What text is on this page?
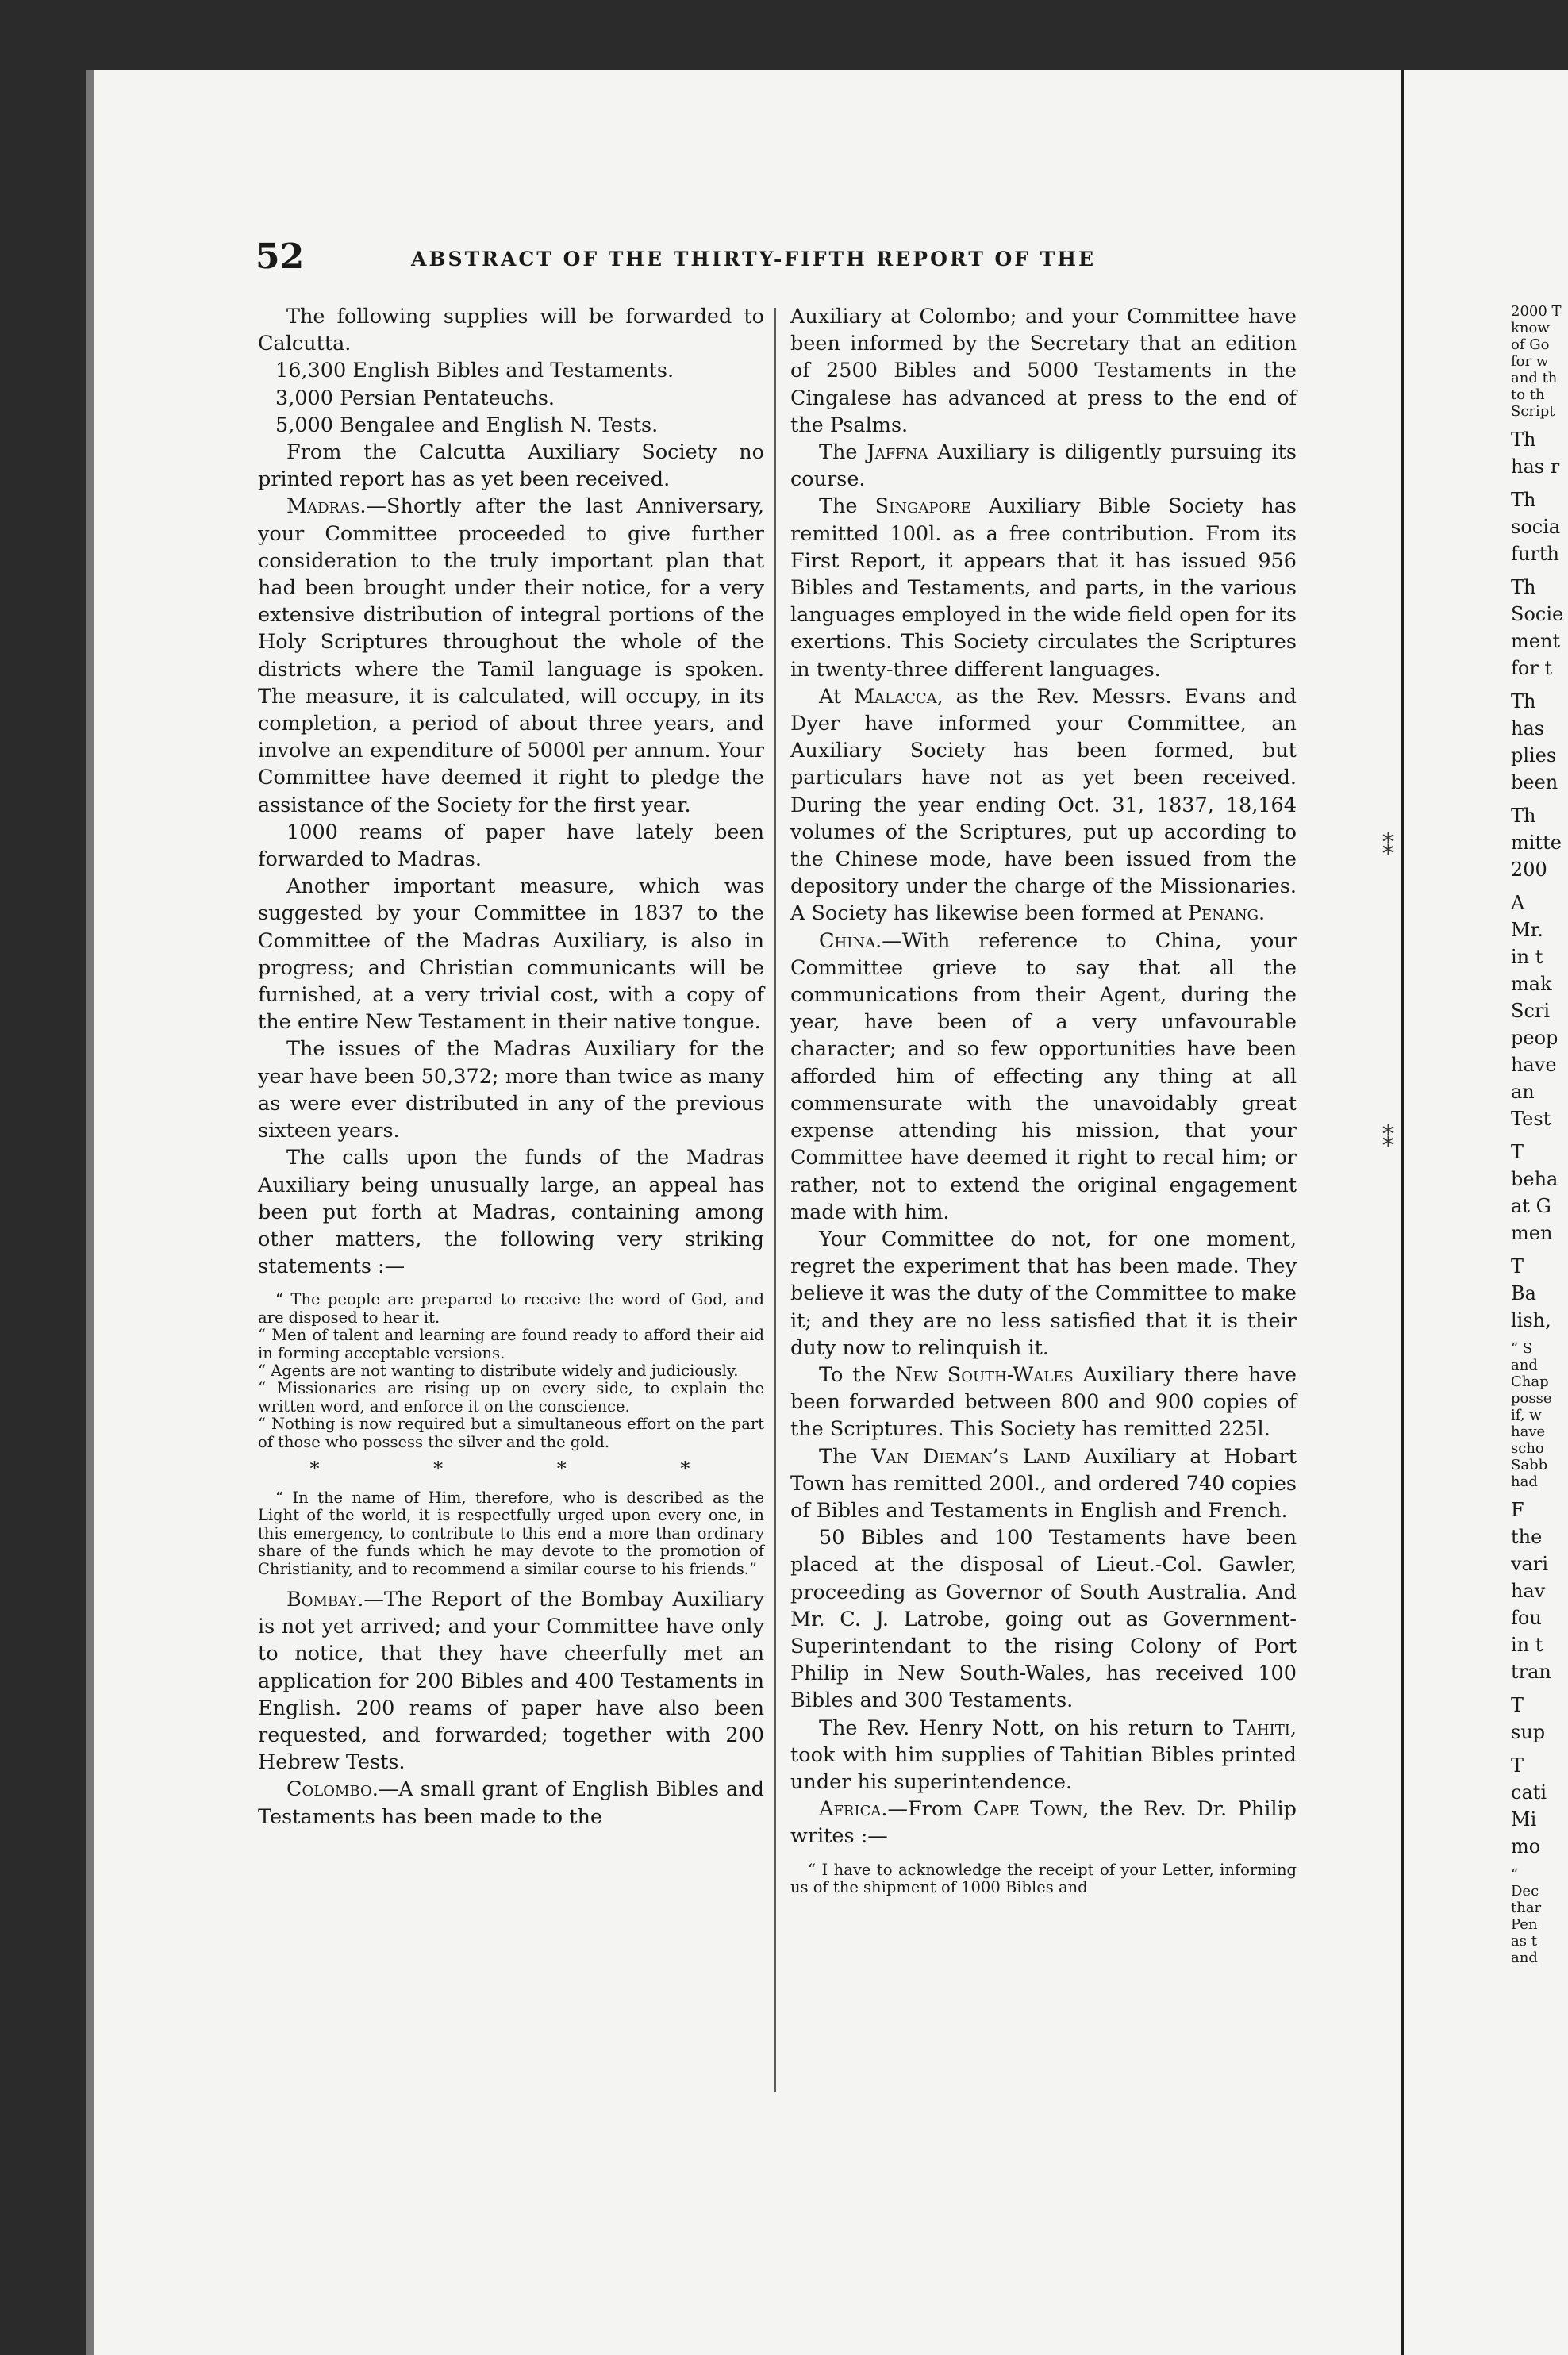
52	ABSTRACT OF THE THIRTY-FIFTH REPORT OF THE

The following supplies will be forwarded to Calcutta.

16,300 English Bibles and Testaments.

3,000 Persian Pentateuchs.

5,000 Bengalee and English N. Tests.

From the Calcutta Auxiliary Society no printed report has as yet been received.

Madras.—Shortly after the last Anniversary, your Committee proceeded to give further consideration to the truly important plan that had been brought under their notice, for a very extensive distribution of integral portions of the Holy Scriptures throughout the whole of the districts where the Tamil language is spoken. The measure, it is calculated, will occupy, in its completion, a period of about three years, and involve an expenditure of 5000l per annum. Your Committee have deemed it right to pledge the assistance of the Society for the first year.

1000 reams of paper have lately been forwarded to Madras.

Another important measure, which was suggested by your Committee in 1837 to the Committee of the Madras Auxiliary, is also in progress; and Christian communicants will be furnished, at a very trivial cost, with a copy of the entire New Testament in their native tongue.

The issues of the Madras Auxiliary for the year have been 50,372; more than twice as many as were ever distributed in any of the previous sixteen years.

The calls upon the funds of the Madras Auxiliary being unusually large, an appeal has been put forth at Madras, containing among other matters, the following very striking statements :—

“ The people are prepared to receive the word of God, and are disposed to hear it.
“ Men of talent and learning are found ready to afford their aid in forming acceptable versions.
“ Agents are not wanting to distribute widely and judiciously.
“ Missionaries are rising up on every side, to explain the written word, and enforce it on the conscience.
“ Nothing is now required but a simultaneous effort on the part of those who possess the silver and the gold.

* * * *

“ In the name of Him, therefore, who is described as the Light of the world, it is respectfully urged upon every one, in this emergency, to contribute to this end a more than ordinary share of the funds which he may devote to the promotion of Christianity, and to recommend a similar course to his friends.”

Bombay.—The Report of the Bombay Auxiliary is not yet arrived; and your Committee have only to notice, that they have cheerfully met an application for 200 Bibles and 400 Testaments in English. 200 reams of paper have also been requested, and forwarded; together with 200 Hebrew Tests.

Colombo.—A small grant of English Bibles and Testaments has been made to the

Auxiliary at Colombo; and your Committee have been informed by the Secretary that an edition of 2500 Bibles and 5000 Testaments in the Cingalese has advanced at press to the end of the Psalms.

The Jaffna Auxiliary is diligently pursuing its course.

The Singapore Auxiliary Bible Society has remitted 100l. as a free contribution. From its First Report, it appears that it has issued 956 Bibles and Testaments, and parts, in the various languages employed in the wide field open for its exertions. This Society circulates the Scriptures in twenty-three different languages.

At Malacca, as the Rev. Messrs. Evans and Dyer have informed your Committee, an Auxiliary Society has been formed, but particulars have not as yet been received. During the year ending Oct. 31, 1837, 18,164 volumes of the Scriptures, put up according to the Chinese mode, have been issued from the depository under the charge of the Missionaries. A Society has likewise been formed at Penang.

China.—With reference to China, your Committee grieve to say that all the communications from their Agent, during the year, have been of a very unfavourable character; and so few opportunities have been afforded him of effecting any thing at all commensurate with the unavoidably great expense attending his mission, that your Committee have deemed it right to recal him; or rather, not to extend the original engagement made with him.

Your Committee do not, for one moment, regret the experiment that has been made. They believe it was the duty of the Committee to make it; and they are no less satisfied that it is their duty now to relinquish it.

To the New South-Wales Auxiliary there have been forwarded between 800 and 900 copies of the Scriptures. This Society has remitted 225l.

The Van Dieman’s Land Auxiliary at Hobart Town has remitted 200l., and ordered 740 copies of Bibles and Testaments in English and French.

50 Bibles and 100 Testaments have been placed at the disposal of Lieut.-Col. Gawler, proceeding as Governor of South Australia. And Mr. C. J. Latrobe, going out as Government-Superintendant to the rising Colony of Port Philip in New South-Wales, has received 100 Bibles and 300 Testaments.

The Rev. Henry Nott, on his return to Tahiti, took with him supplies of Tahitian Bibles printed under his superintendence.

Africa.—From Cape Town, the Rev. Dr. Philip writes :—

“ I have to acknowledge the receipt of your Letter, informing us of the shipment of 1000 Bibles and

2000 T

know

of Go

for w

and th

to th

Script

Th

has r

Th

socia

furth

Th

Socie

ment

for t

Th

has

plies

been

Th

mitte

200

A

Mr.

in t

mak

Scri

peop

have

an

Test

T

beha

at G

men

T

Ba

lish,

“ S

and

Chap

posse

if, w

have

scho

Sabb

had

F

the

vari

hav

fou

in t

tran

T

sup

T

cati

Mi

mo

“

Dec

thar

Pen

as t

and

⁑
⁑
